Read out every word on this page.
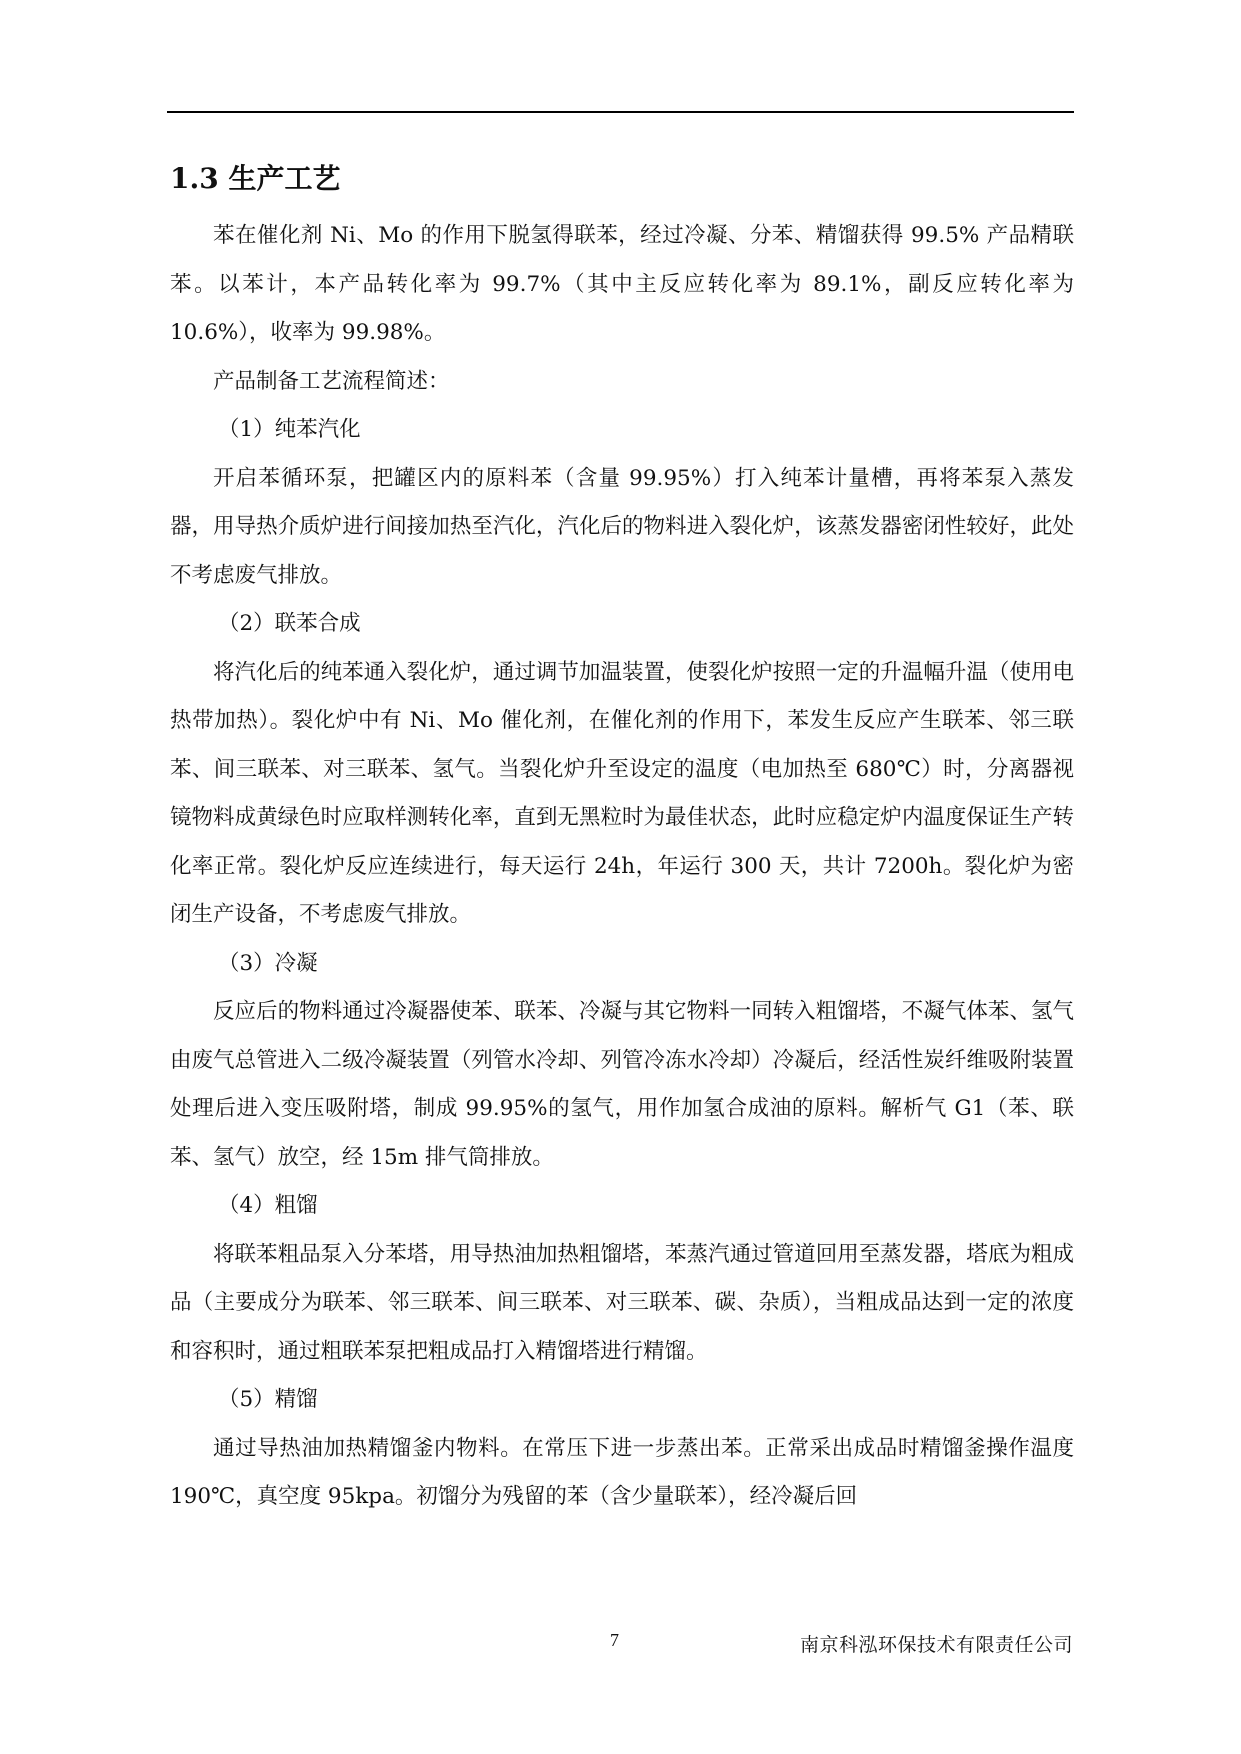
1.3 生产工艺

苯在催化剂 Ni、Mo 的作用下脱氢得联苯，经过冷凝、分苯、精馏获得 99.5% 产品精联苯。以苯计，本产品转化率为 99.7%（其中主反应转化率为 89.1%，副反应转化率为 10.6%），收率为 99.98%。

产品制备工艺流程简述：

（1）纯苯汽化

开启苯循环泵，把罐区内的原料苯（含量 99.95%）打入纯苯计量槽，再将苯泵入蒸发器，用导热介质炉进行间接加热至汽化，汽化后的物料进入裂化炉，该蒸发器密闭性较好，此处不考虑废气排放。

（2）联苯合成

将汽化后的纯苯通入裂化炉，通过调节加温装置，使裂化炉按照一定的升温幅升温（使用电热带加热）。裂化炉中有 Ni、Mo 催化剂，在催化剂的作用下，苯发生反应产生联苯、邻三联苯、间三联苯、对三联苯、氢气。当裂化炉升至设定的温度（电加热至 680℃）时，分离器视镜物料成黄绿色时应取样测转化率，直到无黑粒时为最佳状态，此时应稳定炉内温度保证生产转化率正常。裂化炉反应连续进行，每天运行 24h，年运行 300 天，共计 7200h。裂化炉为密闭生产设备，不考虑废气排放。

（3）冷凝

反应后的物料通过冷凝器使苯、联苯、冷凝与其它物料一同转入粗馏塔，不凝气体苯、氢气由废气总管进入二级冷凝装置（列管水冷却、列管冷冻水冷却）冷凝后，经活性炭纤维吸附装置处理后进入变压吸附塔，制成 99.95%的氢气，用作加氢合成油的原料。解析气 G1（苯、联苯、氢气）放空，经 15m 排气筒排放。

（4）粗馏

将联苯粗品泵入分苯塔，用导热油加热粗馏塔，苯蒸汽通过管道回用至蒸发器，塔底为粗成品（主要成分为联苯、邻三联苯、间三联苯、对三联苯、碳、杂质），当粗成品达到一定的浓度和容积时，通过粗联苯泵把粗成品打入精馏塔进行精馏。

（5）精馏

通过导热油加热精馏釜内物料。在常压下进一步蒸出苯。正常采出成品时精馏釜操作温度 190℃，真空度 95kpa。初馏分为残留的苯（含少量联苯），经冷凝后回

7	南京科泓环保技术有限责任公司
